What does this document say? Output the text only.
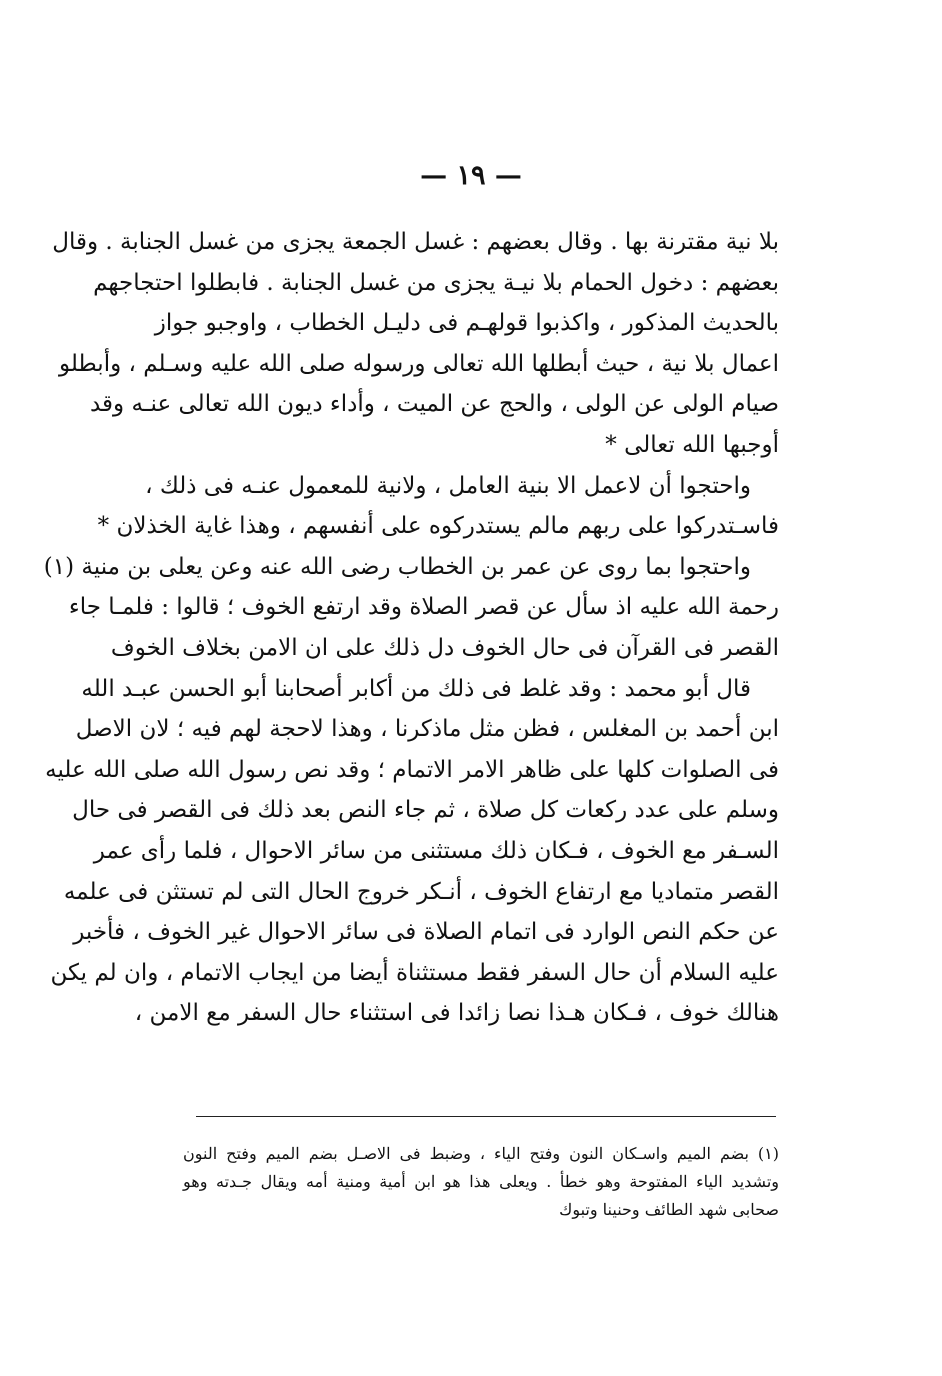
— ١٩ —
بلا نية مقترنة بها . وقال بعضهم : غسل الجمعة يجزى من غسل الجنابة . وقال
بعضهم : دخول الحمام بلا نيـة يجزى من غسل الجنابة . فابطلوا احتجاجهم
بالحديث المذكور ، واكذبوا قولهـم فى دليـل الخطاب ، واوجبو جواز
اعمال بلا نية ، حيث أبطلها الله تعالى ورسوله صلى الله عليه وسـلم ، وأبطلو
صيام الولى عن الولى ، والحج عن الميت ، وأداء ديون الله تعالى عنـه وقد
أوجبها الله تعالى *
واحتجوا أن لاعمل الا بنية العامل ، ولانية للمعمول عنـه فى ذلك ،
فاسـتدركوا على ربهم مالم يستدركوه على أنفسهم ، وهذا غاية الخذلان *
واحتجوا بما روى عن عمر بن الخطاب رضى الله عنه وعن يعلى بن منية (١)
رحمة الله عليه اذ سأل عن قصر الصلاة وقد ارتفع الخوف ؛ قالوا : فلمـا جاء
القصر فى القرآن فى حال الخوف دل ذلك على ان الامن بخلاف الخوف
قال أبو محمد : وقد غلط فى ذلك من أكابر أصحابنا أبو الحسن عبـد الله
ابن أحمد بن المغلس ، فظن مثل ماذكرنا ، وهذا لاحجة لهم فيه ؛ لان الاصل
فى الصلوات كلها على ظاهر الامر الاتمام ؛ وقد نص رسول الله صلى الله عليه
وسلم على عدد ركعات كل صلاة ، ثم جاء النص بعد ذلك فى القصر فى حال
السـفر مع الخوف ، فـكان ذلك مستثنى من سائر الاحوال ، فلما رأى عمر
القصر متماديا مع ارتفاع الخوف ، أنـكر خروج الحال التى لم تستثن فى علمه
عن حكم النص الوارد فى اتمام الصلاة فى سائر الاحوال غير الخوف ، فأخبر
عليه السلام أن حال السفر فقط مستثناة أيضا من ايجاب الاتمام ، وان لم يكن
هنالك خوف ، فـكان هـذا نصا زائدا فى استثناء حال السفر مع الامن ،
(١) بضم الميم واسـكان النون وفتح الياء ، وضبط فى الاصـل بضم الميم وفتح النون
وتشديد الياء المفتوحة وهو خطأ . ويعلى هذا هو ابن أمية ومنية أمه ويقال جـدته وهو
صحابى شهد الطائف وحنينا وتبوك
